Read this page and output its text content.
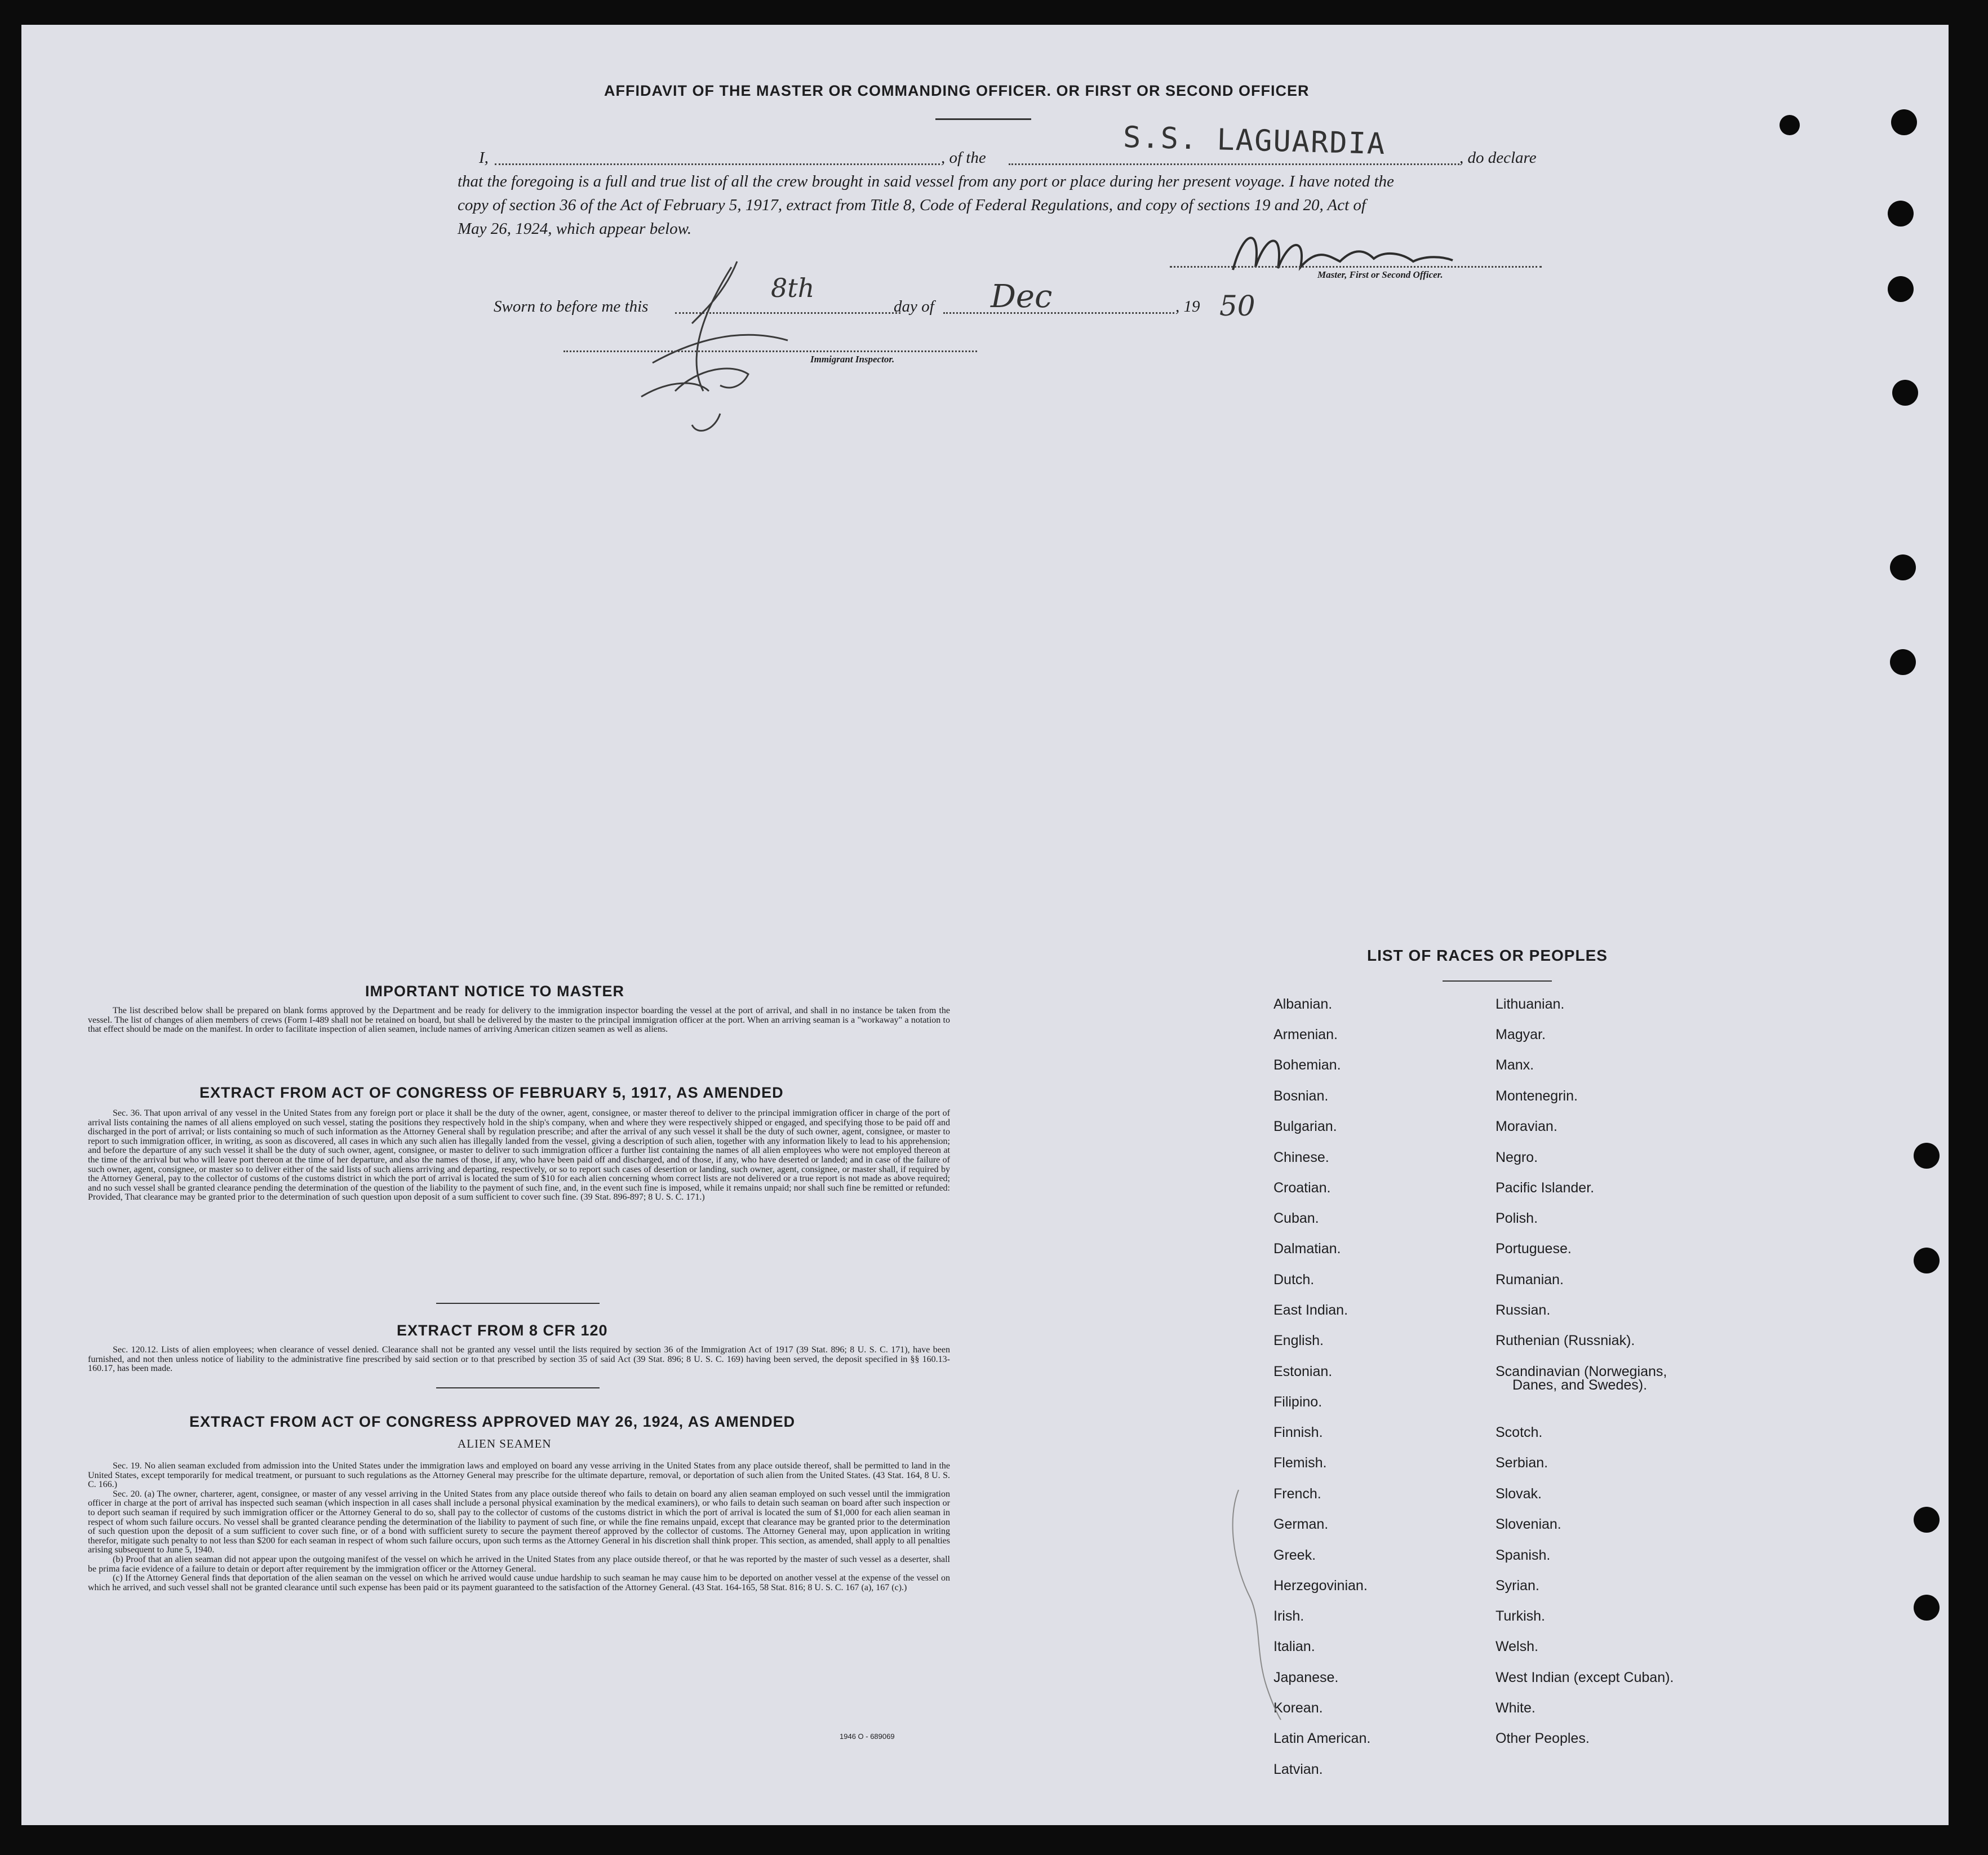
AFFIDAVIT OF THE MASTER OR COMMANDING OFFICER. OR FIRST OR SECOND OFFICER
I,	, of the	S.S. LAGUARDIA	, do declare
that the foregoing is a full and true list of all the crew brought in said vessel from any port or place during her present voyage. I have noted the
copy of section 36 of the Act of February 5, 1917, extract from Title 8, Code of Federal Regulations, and copy of sections 19 and 20, Act of
May 26, 1924, which appear below.
Master, First or Second Officer.
Sworn to before me this
8th
day of Dec	, 19 50
Immigrant Inspector.
IMPORTANT NOTICE TO MASTER

The list described below shall be prepared on blank forms approved by the Department and be ready for delivery to the immigration inspector boarding the vessel at the port of arrival, and shall in no instance be taken from the vessel. The list of changes of alien members of crews (Form I-489 shall not be retained on board, but shall be delivered by the master to the principal immigration officer at the port. When an arriving seaman is a "workaway" a notation to that effect should be made on the manifest. In order to facilitate inspection of alien seamen, include names of arriving American citizen seamen as well as aliens.

EXTRACT FROM ACT OF CONGRESS OF FEBRUARY 5, 1917, AS AMENDED

Sec. 36. That upon arrival of any vessel in the United States from any foreign port or place it shall be the duty of the owner, agent, consignee, or master thereof to deliver to the principal immigration officer in charge of the port of arrival lists containing the names of all aliens employed on such vessel, stating the positions they respectively hold in the ship's company, when and where they were respectively shipped or engaged, and specifying those to be paid off and discharged in the port of arrival; or lists containing so much of such information as the Attorney General shall by regulation prescribe; and after the arrival of any such vessel it shall be the duty of such owner, agent, consignee, or master to report to such immigration officer, in writing, as soon as discovered, all cases in which any such alien has illegally landed from the vessel, giving a description of such alien, together with any information likely to lead to his apprehension; and before the departure of any such vessel it shall be the duty of such owner, agent, consignee, or master to deliver to such immigration officer a further list containing the names of all alien employees who were not employed thereon at the time of the arrival but who will leave port thereon at the time of her departure, and also the names of those, if any, who have been paid off and discharged, and of those, if any, who have deserted or landed; and in case of the failure of such owner, agent, consignee, or master so to deliver either of the said lists of such aliens arriving and departing, respectively, or so to report such cases of desertion or landing, such owner, agent, consignee, or master shall, if required by the Attorney General, pay to the collector of customs of the customs district in which the port of arrival is located the sum of $10 for each alien concerning whom correct lists are not delivered or a true report is not made as above required; and no such vessel shall be granted clearance pending the determination of the question of the liability to the payment of such fine, and, in the event such fine is imposed, while it remains unpaid; nor shall such fine be remitted or refunded: Provided, That clearance may be granted prior to the determination of such question upon deposit of a sum sufficient to cover such fine. (39 Stat. 896-897; 8 U. S. C. 171.)

EXTRACT FROM 8 CFR 120

Sec. 120.12. Lists of alien employees; when clearance of vessel denied. Clearance shall not be granted any vessel until the lists required by section 36 of the Immigration Act of 1917 (39 Stat. 896; 8 U. S. C. 171), have been furnished, and not then unless notice of liability to the administrative fine prescribed by said section or to that prescribed by section 35 of said Act (39 Stat. 896; 8 U. S. C. 169) having been served, the deposit specified in §§ 160.13-160.17, has been made.

EXTRACT FROM ACT OF CONGRESS APPROVED MAY 26, 1924, AS AMENDED
ALIEN SEAMEN

Sec. 19. No alien seaman excluded from admission into the United States under the immigration laws and employed on board any vesse arriving in the United States from any place outside thereof, shall be permitted to land in the United States, except temporarily for medical treatment, or pursuant to such regulations as the Attorney General may prescribe for the ultimate departure, removal, or deportation of such alien from the United States. (43 Stat. 164, 8 U. S. C. 166.)

Sec. 20. (a) The owner, charterer, agent, consignee, or master of any vessel arriving in the United States from any place outside thereof who fails to detain on board any alien seaman employed on such vessel until the immigration officer in charge at the port of arrival has inspected such seaman (which inspection in all cases shall include a personal physical examination by the medical examiners), or who fails to detain such seaman on board after such inspection or to deport such seaman if required by such immigration officer or the Attorney General to do so, shall pay to the collector of customs of the customs district in which the port of arrival is located the sum of $1,000 for each alien seaman in respect of whom such failure occurs. No vessel shall be granted clearance pending the determination of the liability to payment of such fine, or while the fine remains unpaid, except that clearance may be granted prior to the determination of such question upon the deposit of a sum sufficient to cover such fine, or of a bond with sufficient surety to secure the payment thereof approved by the collector of customs. The Attorney General may, upon application in writing therefor, mitigate such penalty to not less than $200 for each seaman in respect of whom such failure occurs, upon such terms as the Attorney General in his discretion shall think proper. This section, as amended, shall apply to all penalties arising subsequent to June 5, 1940.

(b) Proof that an alien seaman did not appear upon the outgoing manifest of the vessel on which he arrived in the United States from any place outside thereof, or that he was reported by the master of such vessel as a deserter, shall be prima facie evidence of a failure to detain or deport after requirement by the immigration officer or the Attorney General.

(c) If the Attorney General finds that deportation of the alien seaman on the vessel on which he arrived would cause undue hardship to such seaman he may cause him to be deported on another vessel at the expense of the vessel on which he arrived, and such vessel shall not be granted clearance until such expense has been paid or its payment guaranteed to the satisfaction of the Attorney General. (43 Stat. 164-165, 58 Stat. 816; 8 U. S. C. 167 (a), 167 (c).)

1946 O - 689069
LIST OF RACES OR PEOPLES
Albanian.
Armenian.
Bohemian.
Bosnian.
Bulgarian.
Chinese.
Croatian.
Cuban.
Dalmatian.
Dutch.
East Indian.
English.
Estonian.
Filipino.
Finnish.
Flemish.
French.
German.
Greek.
Herzegovinian.
Irish.
Italian.
Japanese.
Korean.
Latin American.
Latvian.
Lithuanian.
Magyar.
Manx.
Montenegrin.
Moravian.
Negro.
Pacific Islander.
Polish.
Portuguese.
Rumanian.
Russian.
Ruthenian (Russniak).
Scandinavian (Norwegians,
Danes, and Swedes).
Scotch.
Serbian.
Slovak.
Slovenian.
Spanish.
Syrian.
Turkish.
Welsh.
West Indian (except Cuban).
White.
Other Peoples.
